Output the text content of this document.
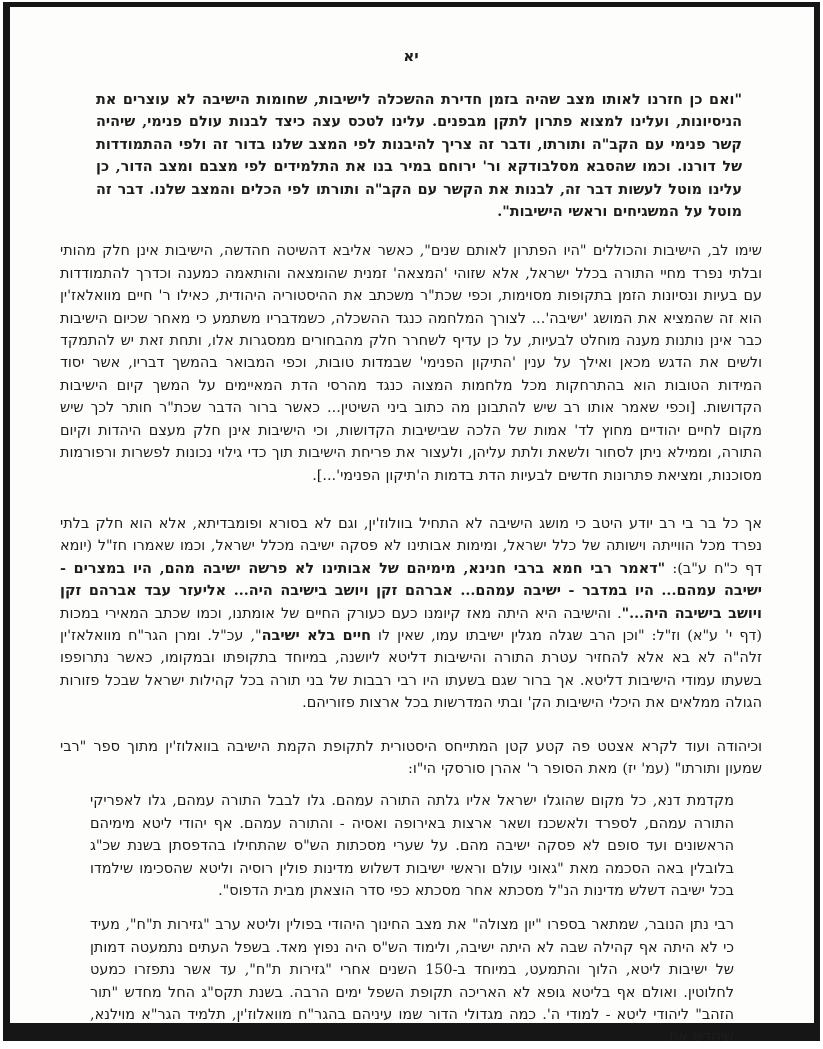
יא

"ואם כן חזרנו לאותו מצב שהיה בזמן חדירת ההשכלה לישיבות, שחומות הישיבה לא עוצרים את הניסיונות, ועלינו למצוא פתרון לתקן מבפנים. עלינו לטכס עצה כיצד לבנות עולם פנימי, שיהיה קשר פנימי עם הקב"ה ותורתו, ודבר זה צריך להיבנות לפי המצב שלנו בדור זה ולפי ההתמודדות של דורנו. וכמו שהסבא מסלבודקא ור' ירוחם במיר בנו את התלמידים לפי מצבם ומצב הדור, כן עלינו מוטל לעשות דבר זה, לבנות את הקשר עם הקב"ה ותורתו לפי הכלים והמצב שלנו. דבר זה מוטל על המשגיחים וראשי הישיבות".

שימו לב, הישיבות והכוללים "היו הפתרון לאותם שנים", כאשר אליבא דהשיטה חהדשה, הישיבות אינן חלק מהותי ובלתי נפרד מחיי התורה בכלל ישראל, אלא שזוהי 'המצאה' זמנית שהומצאה והותאמה כמענה וכדרך להתמודדות עם בעיות ונסיונות הזמן בתקופות מסוימות, וכפי שכת"ר משכתב את ההיסטוריה היהודית, כאילו ר' חיים מוואלאז'ין הוא זה שהמציא את המושג 'ישיבה'... לצורך המלחמה כנגד ההשכלה, כשמדבריו משתמע כי מאחר שכיום הישיבות כבר אינן נותנות מענה מוחלט לבעיות, על כן עדיף לשחרר חלק מהבחורים ממסגרות אלו, ותחת זאת יש להתמקד ולשים את הדגש מכאן ואילך על ענין 'התיקון הפנימי' שבמדות טובות, וכפי המבואר בהמשך דבריו, אשר יסוד המידות הטובות הוא בהתרחקות מכל מלחמות המצוה כנגד מהרסי הדת המאיימים על המשך קיום הישיבות הקדושות. [וכפי שאמר אותו רב שיש להתבונן מה כתוב ביני השיטין... כאשר ברור הדבר שכת"ר חותר לכך שיש מקום לחיים יהודיים מחוץ לד' אמות של הלכה שבישיבות הקדושות, וכי הישיבות אינן חלק מעצם היהדות וקיום התורה, וממילא ניתן לסחור ולשאת ולתת עליהן, ולעצור את פריחת הישיבות תוך כדי גילוי נכונות לפשרות ורפורמות מסוכנות, ומציאת פתרונות חדשים לבעיות הדת בדמות ה'תיקון הפנימי'...].

אך כל בר בי רב יודע היטב כי מושג הישיבה לא התחיל בוולוז'ין, וגם לא בסורא ופומבדיתא, אלא הוא חלק בלתי נפרד מכל הווייתה וישותה של כלל ישראל, ומימות אבותינו לא פסקה ישיבה מכלל ישראל, וכמו שאמרו חז"ל (יומא דף כ"ח ע"ב): "דאמר רבי חמא ברבי חנינא, מימיהם של אבותינו לא פרשה ישיבה מהם, היו במצרים - ישיבה עמהם... היו במדבר - ישיבה עמהם... אברהם זקן ויושב בישיבה היה... אליעזר עבד אברהם זקן ויושב בישיבה היה...". והישיבה היא היתה מאז קיומנו כעם כעורק החיים של אומתנו, וכמו שכתב המאירי במכות (דף י' ע"א) וז"ל: "וכן הרב שגלה מגלין ישיבתו עמו, שאין לו חיים בלא ישיבה", עכ"ל. ומרן הגר"ח מוואלאז'ין זלה"ה לא בא אלא להחזיר עטרת התורה והישיבות דליטא ליושנה, במיוחד בתקופתו ובמקומו, כאשר נתרופפו בשעתו עמודי הישיבות דליטא. אך ברור שגם בשעתו היו רבי רבבות של בני תורה בכל קהילות ישראל שבכל פזורות הגולה ממלאים את היכלי הישיבות הק' ובתי המדרשות בכל ארצות פזוריהם.

וכיהודה ועוד לקרא אצטט פה קטע קטן המתייחס היסטורית לתקופת הקמת הישיבה בוואלוז'ין מתוך ספר "רבי שמעון ותורתו" (עמ' יז) מאת הסופר ר' אהרן סורסקי הי"ו:

מקדמת דנא, כל מקום שהוגלו ישראל אליו גלתה התורה עמהם. גלו לבבל התורה עמהם, גלו לאפריקי התורה עמהם, לספרד ולאשכנז ושאר ארצות באירופה ואסיה - והתורה עמהם. אף יהודי ליטא מימיהם הראשונים ועד סופם לא פסקה ישיבה מהם. על שערי מסכתות הש"ס שהתחילו בהדפסתן בשנת שכ"ג בלובלין באה הסכמה מאת "גאוני עולם וראשי ישיבות דשלוש מדינות פולין רוסיה וליטא שהסכימו שילמדו בכל ישיבה דשלש מדינות הנ"ל מסכתא אחר מסכתא כפי סדר הוצאתן מבית הדפוס".

רבי נתן הנובר, שמתאר בספרו "יון מצולה" את מצב החינוך היהודי בפולין וליטא ערב "גזירות ת"ח", מעיד כי לא היתה אף קהילה שבה לא היתה ישיבה, ולימוד הש"ס היה נפוץ מאד. בשפל העתים נתמעטה דמותן של ישיבות ליטא, הלוך והתמעט, במיוחד ב-150 השנים אחרי "גזירות ת"ח", עד אשר נתפזרו כמעט לחלוטין. ואולם אף בליטא גופא לא האריכה תקופת השפל ימים הרבה. בשנת תקס"ג החל מחדש "תור הזהב" ליהודי ליטא - למודי ה'. כמה מגדולי הדור שמו עיניהם בהגר"ח מוואלוז'ין, תלמיד הגר"א מוילנא, שיחדש את
